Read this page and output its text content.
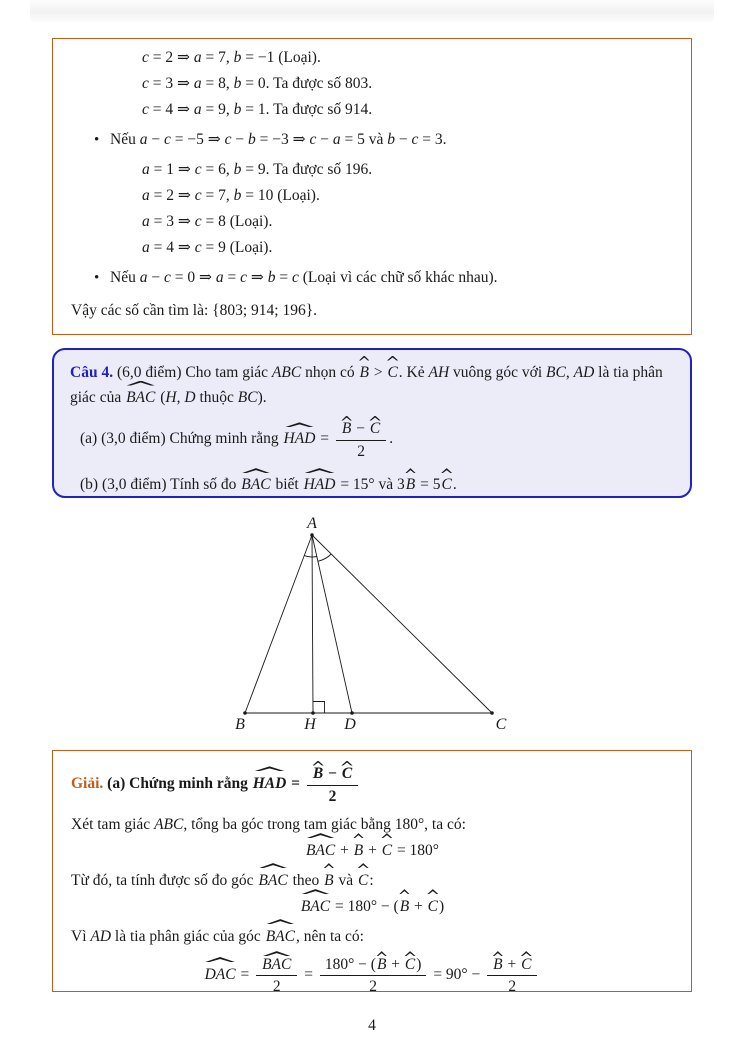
c = 2 ⇒ a = 7, b = −1 (Loại).
c = 3 ⇒ a = 8, b = 0. Ta được số 803.
c = 4 ⇒ a = 9, b = 1. Ta được số 914.
•Nếu a − c = −5 ⇒ c − b = −3 ⇒ c − a = 5 và b − c = 3.
a = 1 ⇒ c = 6, b = 9. Ta được số 196.
a = 2 ⇒ c = 7, b = 10 (Loại).
a = 3 ⇒ c = 8 (Loại).
a = 4 ⇒ c = 9 (Loại).
•Nếu a − c = 0 ⇒ a = c ⇒ b = c (Loại vì các chữ số khác nhau).

Vậy các số cần tìm là: {803; 914; 196}.

Câu 4. (6,0 điểm) Cho tam giác ABC nhọn có B > C. Kẻ AH vuông góc với BC, AD là tia phân giác của BAC (H, D thuộc BC).

(a) (3,0 điểm) Chứng minh rằng HAD = $\frac{B - C}{2}$ .
(b) (3,0 điểm) Tính số đo BAC biết HAD = 15° và 3B = 5C.
A
B	H D	C

Giải. (a) Chứng minh rằng HAD = $\frac{B - C}{2}$

Xét tam giác ABC, tổng ba góc trong tam giác bằng 180°, ta có:
BAC + B + C = 180°
Từ đó, ta tính được số đo góc BAC theo B và C:
BAC = 180° − (B + C)
Vì AD là tia phân giác của góc BAC, nên ta có:
DAC =
BAC
2
= $\frac{180^\circ - (B + C)}{2} = 90^\circ - \frac{B + C}{2}$
4
